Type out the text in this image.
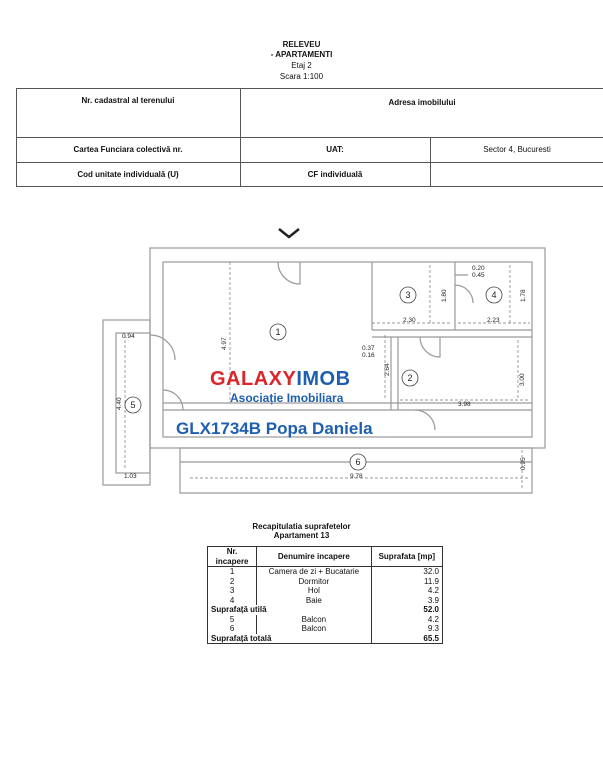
RELEVEU
- APARTAMENTI
Etaj 2
Scara 1:100
Nr. cadastral al terenului	Adresa imobilului
Cartea Funciara colectivă nr.	UAT:	Sector 4, Bucuresti
Cod unitate individuală (U)	CF individuală
1
2
3	4
5
6
4.97
0.94
4.40
1.03
0.37
0.16
2.64
1.80
2.30
0.20
0.45
1.78
2.23
3.00
3.98
9.78
0.95
GALAXYIMOB
Asociație Imobiliara
GLX1734B Popa Daniela
Recapitulatia suprafetelor
Apartament 13
Nr. incapere	Denumire incapere	Suprafata [mp]
1	Camera de zi + Bucatarie	32.0
2	Dormitor	11.9
3	Hol	4.2
4	Baie	3.9
Suprafață utilă		52.0
5	Balcon	4.2
6	Balcon	9.3
Suprafață totală		65.5
